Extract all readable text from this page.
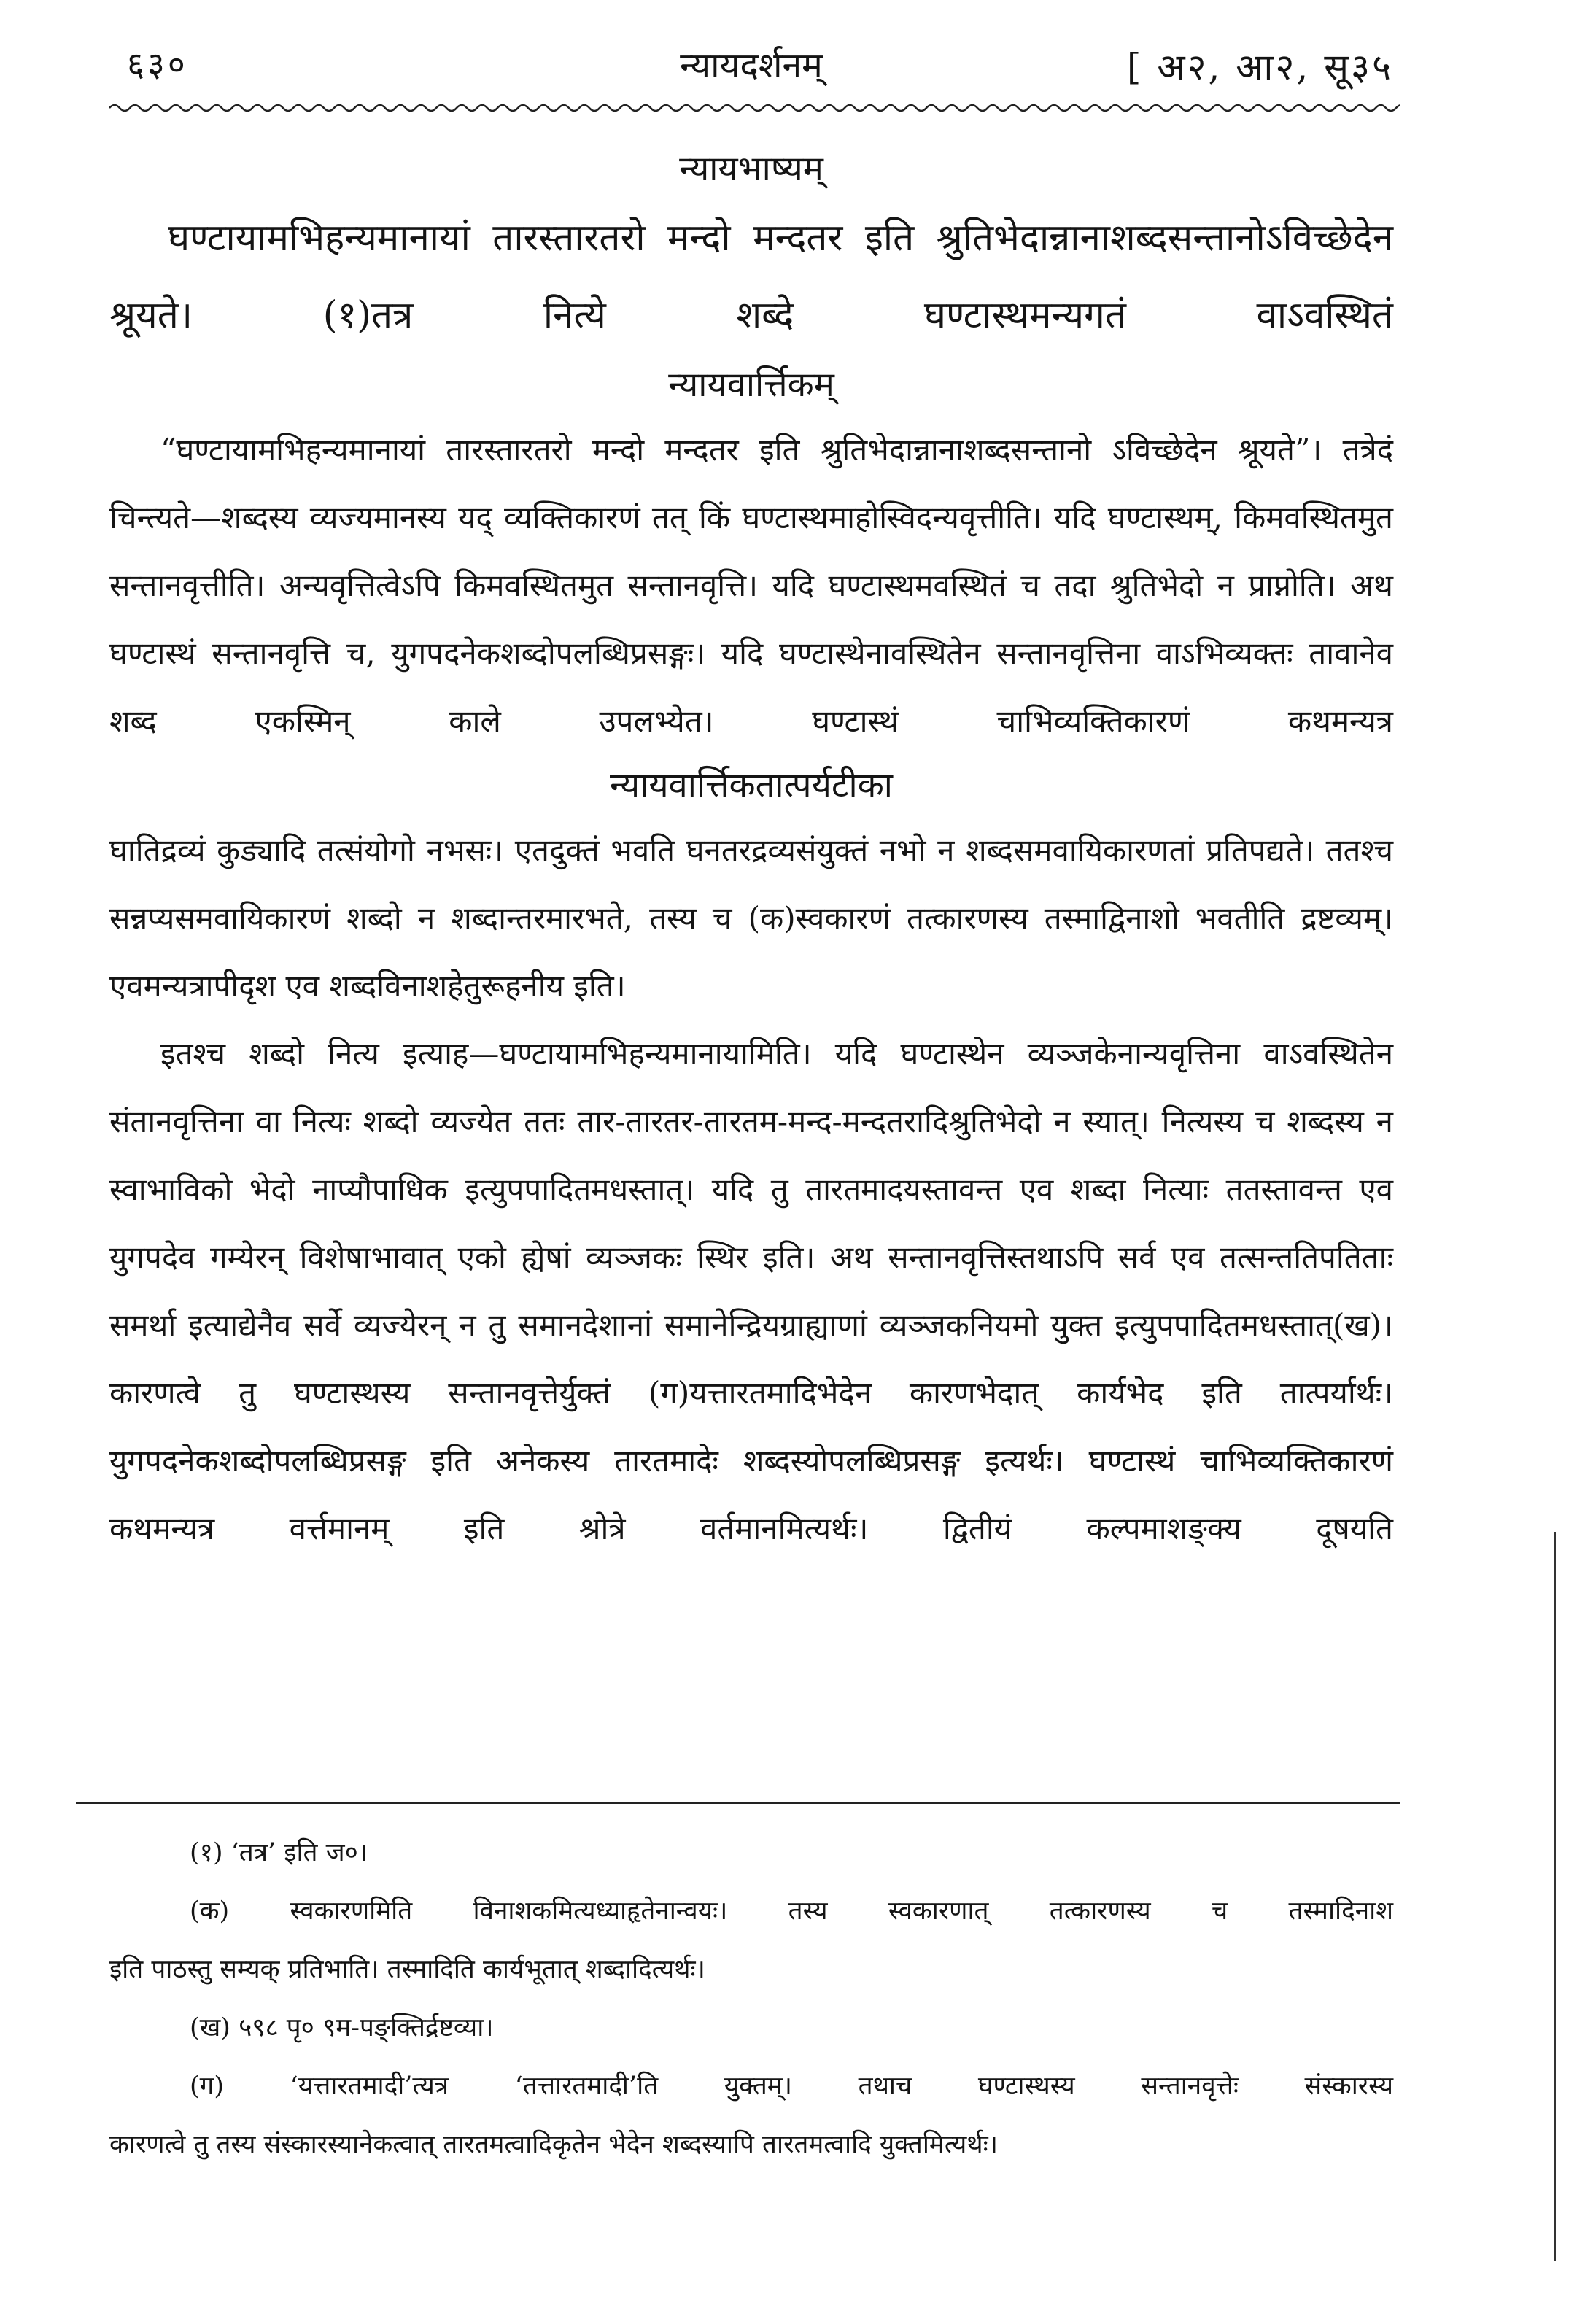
६३०	न्यायदर्शनम्	[ अ२, आ२, सू३५
न्यायभाष्यम्

घण्टायामभिहन्यमानायां तारस्तारतरो मन्दो मन्दतर इति श्रुतिभेदान्नानाशब्दसन्तानोऽविच्छेदेन श्रूयते। (१)तत्र नित्ये शब्दे घण्टास्थमन्यगतं वाऽवस्थितं

न्यायवार्त्तिकम्

“घण्टायामभिहन्यमानायां तारस्तारतरो मन्दो मन्दतर इति श्रुतिभेदान्नानाशब्दसन्तानो ऽविच्छेदेन श्रूयते”। तत्रेदं चिन्त्यते—शब्दस्य व्यज्यमानस्य यद् व्यक्तिकारणं तत् किं घण्टास्थमाहोस्विदन्यवृत्तीति। यदि घण्टास्थम्, किमवस्थितमुत सन्तानवृत्तीति। अन्यवृत्तित्वेऽपि किमवस्थितमुत सन्तानवृत्ति। यदि घण्टास्थमवस्थितं च तदा श्रुतिभेदो न प्राप्नोति। अथ घण्टास्थं सन्तानवृत्ति च, युगपदनेकशब्दोपलब्धिप्रसङ्गः। यदि घण्टास्थेनावस्थितेन सन्तानवृत्तिना वाऽभिव्यक्तः तावानेव शब्द एकस्मिन् काले उपलभ्येत। घण्टास्थं चाभिव्यक्तिकारणं कथमन्यत्र

न्यायवार्त्तिकतात्पर्यटीका

घातिद्रव्यं कुड्यादि तत्संयोगो नभसः। एतदुक्तं भवति घनतरद्रव्यसंयुक्तं नभो न शब्दसमवायिकारणतां प्रतिपद्यते। ततश्च सन्नप्यसमवायिकारणं शब्दो न शब्दान्तरमारभते, तस्य च (क)स्वकारणं तत्कारणस्य तस्माद्विनाशो भवतीति द्रष्टव्यम्। एवमन्यत्रापीदृश एव शब्दविनाशहेतुरूहनीय इति।

इतश्च शब्दो नित्य इत्याह—घण्टायामभिहन्यमानायामिति। यदि घण्टास्थेन व्यञ्जकेनान्यवृत्तिना वाऽवस्थितेन संतानवृत्तिना वा नित्यः शब्दो व्यज्येत ततः तार-तारतर-तारतम-मन्द-मन्दतरादिश्रुतिभेदो न स्यात्। नित्यस्य च शब्दस्य न स्वाभाविको भेदो नाप्यौपाधिक इत्युपपादितमधस्तात्। यदि तु तारतमादयस्तावन्त एव शब्दा नित्याः ततस्तावन्त एव युगपदेव गम्येरन् विशेषाभावात् एको ह्येषां व्यञ्जकः स्थिर इति। अथ सन्तानवृत्तिस्तथाऽपि सर्व एव तत्सन्ततिपतिताः समर्था इत्याद्येनैव सर्वे व्यज्येरन् न तु समानदेशानां समानेन्द्रियग्राह्याणां व्यञ्जकनियमो युक्त इत्युपपादितमधस्तात्(ख)। कारणत्वे तु घण्टास्थस्य सन्तानवृत्तेर्युक्तं (ग)यत्तारतमादिभेदेन कारणभेदात् कार्यभेद इति तात्पर्यार्थः। युगपदनेकशब्दोपलब्धिप्रसङ्ग इति अनेकस्य तारतमादेः शब्दस्योपलब्धिप्रसङ्ग इत्यर्थः। घण्टास्थं चाभिव्यक्तिकारणं कथमन्यत्र वर्त्तमानम् इति श्रोत्रे वर्तमानमित्यर्थः। द्वितीयं कल्पमाशङ्क्य दूषयति

(१) ‘तत्र’ इति ज०।

(क) स्वकारणमिति विनाशकमित्यध्याहृतेनान्वयः। तस्य स्वकारणात् तत्कारणस्य च तस्मादिनाश

इति पाठस्तु सम्यक् प्रतिभाति। तस्मादिति कार्यभूतात् शब्दादित्यर्थः।

(ख) ५९८ पृ० ९म-पङ्क्तिर्द्रष्टव्या।

(ग) ‘यत्तारतमादी’त्यत्र ‘तत्तारतमादी’ति युक्तम्। तथाच घण्टास्थस्य सन्तानवृत्तेः संस्कारस्य

कारणत्वे तु तस्य संस्कारस्यानेकत्वात् तारतमत्वादिकृतेन भेदेन शब्दस्यापि तारतमत्वादि युक्तमित्यर्थः।
